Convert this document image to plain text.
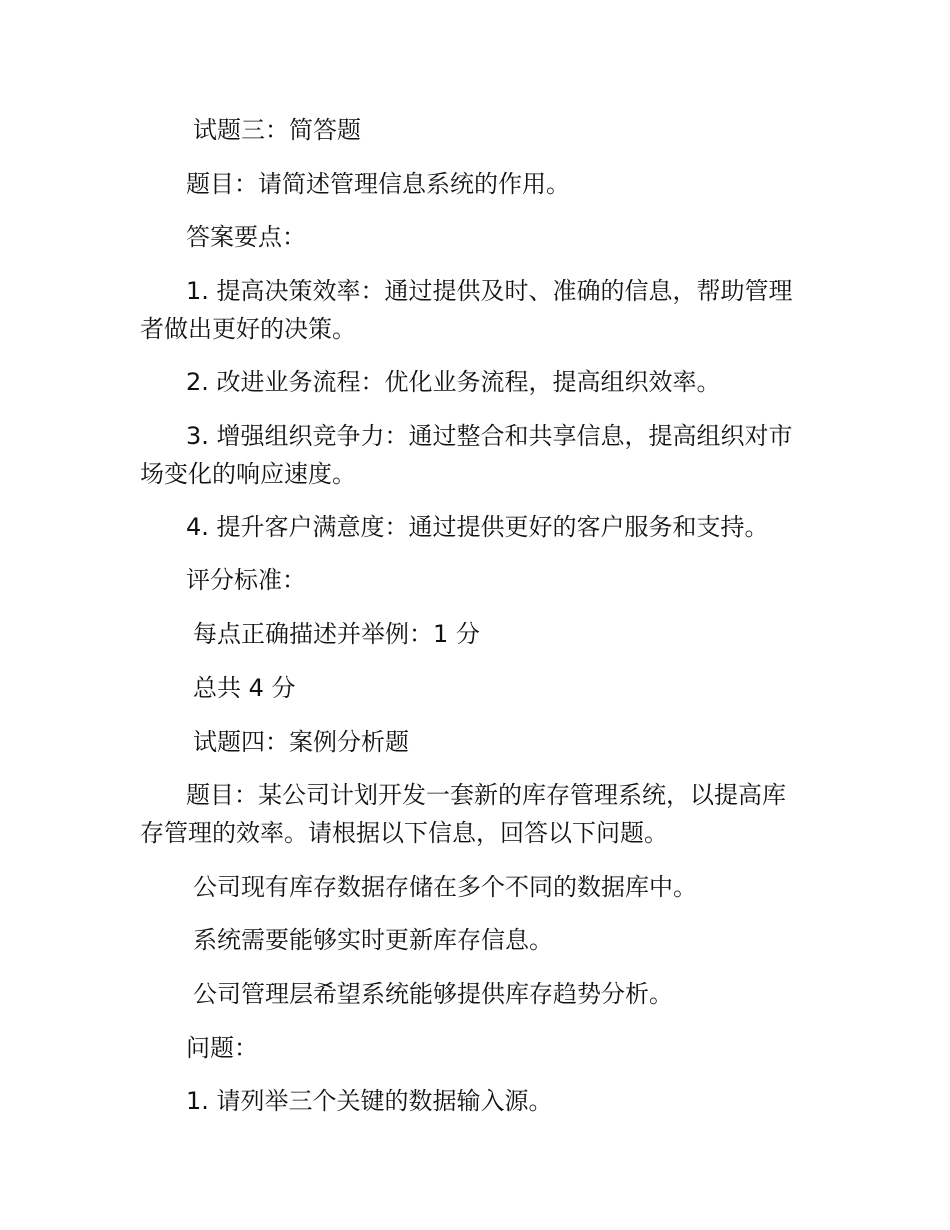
试题三：简答题
题目：请简述管理信息系统的作用。
答案要点：
1. 提高决策效率：通过提供及时、准确的信息，帮助管理
者做出更好的决策。
2. 改进业务流程：优化业务流程，提高组织效率。
3. 增强组织竞争力：通过整合和共享信息，提高组织对市
场变化的响应速度。
4. 提升客户满意度：通过提供更好的客户服务和支持。
评分标准：
每点正确描述并举例：1 分
总共 4 分
试题四：案例分析题
题目：某公司计划开发一套新的库存管理系统，以提高库
存管理的效率。请根据以下信息，回答以下问题。
公司现有库存数据存储在多个不同的数据库中。
系统需要能够实时更新库存信息。
公司管理层希望系统能够提供库存趋势分析。
问题：
1. 请列举三个关键的数据输入源。
